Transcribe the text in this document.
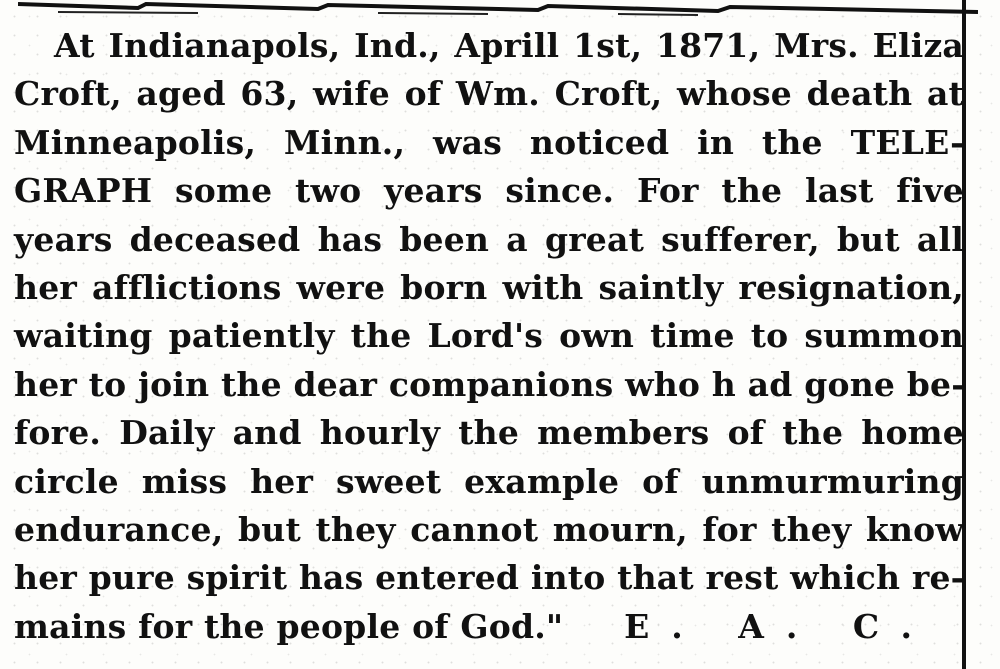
At Indianapols, Ind., Aprill 1st, 1871, Mrs. Eliza
Croft, aged 63, wife of Wm. Croft, whose death at
Minneapolis, Minn., was noticed in the TELE-
GRAPH some two years since. For the last five
years deceased has been a great sufferer, but all
her afflictions were born with saintly resignation,
waiting patiently the Lord's own time to summon
her to join the dear companions who h ad gone be-
fore. Daily and hourly the members of the home
circle miss her sweet example of unmurmuring
endurance, but they cannot mourn, for they know
her pure spirit has entered into that rest which re-
mains for the people of God." E. A. C.
